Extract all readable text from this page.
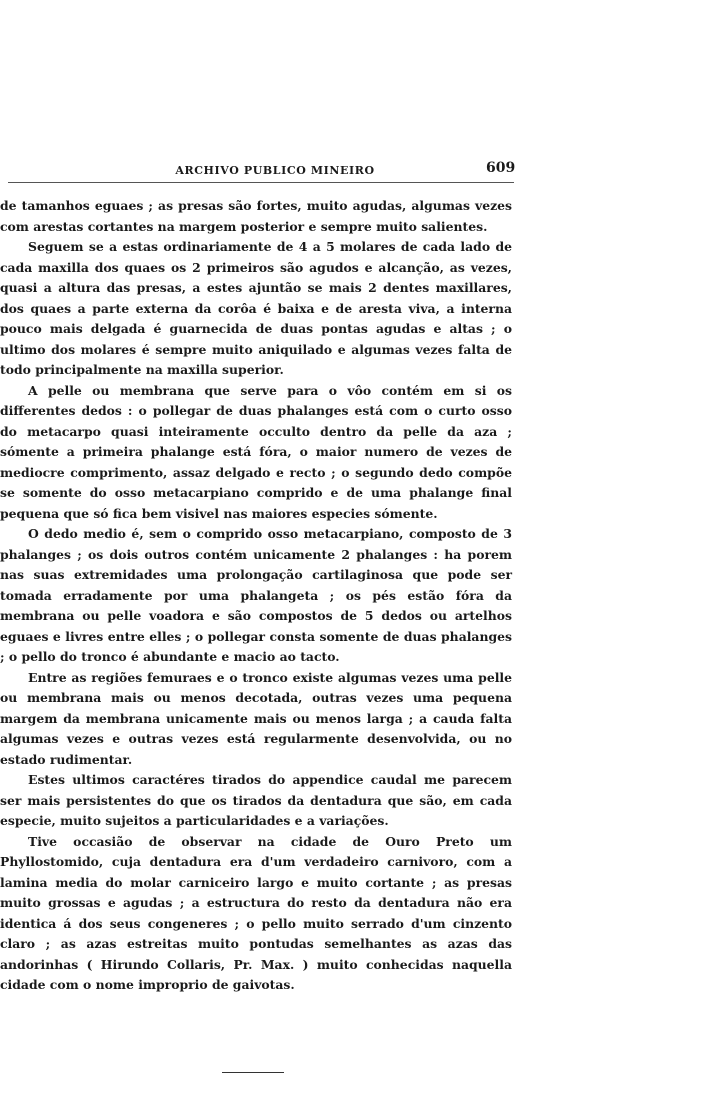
ARCHIVO PUBLICO MINEIRO	609

de tamanhos eguaes ; as presas são fortes, muito agudas, algumas vezes com arestas cortantes na margem posterior e sempre muito salientes.

Seguem se a estas ordinariamente de 4 a 5 molares de cada lado de cada maxilla dos quaes os 2 primeiros são agudos e alcanção, as vezes, quasi a altura das presas, a estes ajuntão se mais 2 dentes maxillares, dos quaes a parte externa da corôa é baixa e de aresta viva, a interna pouco mais delgada é guarnecida de duas pontas agudas e altas ; o ultimo dos molares é sempre muito aniquilado e algumas vezes falta de todo principalmente na maxilla superior.

A pelle ou membrana que serve para o vôo contém em si os differentes dedos : o pollegar de duas phalanges está com o curto osso do metacarpo quasi inteiramente occulto dentro da pelle da aza ; sómente a primeira phalange está fóra, o maior numero de vezes de mediocre comprimento, assaz delgado e recto ; o segundo dedo compõe se somente do osso metacarpiano comprido e de uma phalange final pequena que só fica bem visivel nas maiores especies sómente.

O dedo medio é, sem o comprido osso metacarpiano, composto de 3 phalanges ; os dois outros contém unicamente 2 phalanges : ha porem nas suas extremidades uma prolongação cartilaginosa que pode ser tomada erradamente por uma phalangeta ; os pés estão fóra da membrana ou pelle voadora e são compostos de 5 dedos ou artelhos eguaes e livres entre elles ; o pollegar consta somente de duas phalanges ; o pello do tronco é abundante e macio ao tacto.

Entre as regiões femuraes e o tronco existe algumas vezes uma pelle ou membrana mais ou menos decotada, outras vezes uma pequena margem da membrana unicamente mais ou menos larga ; a cauda falta algumas vezes e outras vezes está regularmente desenvolvida, ou no estado rudimentar.

Estes ultimos caractéres tirados do appendice caudal me parecem ser mais persistentes do que os tirados da dentadura que são, em cada especie, muito sujeitos a particularidades e a variações.

Tive occasião de observar na cidade de Ouro Preto um Phyllostomido, cuja dentadura era d'um verdadeiro carnivoro, com a lamina media do molar carniceiro largo e muito cortante ; as presas muito grossas e agudas ; a estructura do resto da dentadura não era identica á dos seus congeneres ; o pello muito serrado d'um cinzento claro ; as azas estreitas muito pontudas semelhantes as azas das andorinhas ( Hirundo Collaris, Pr. Max. ) muito conhecidas naquella cidade com o nome improprio de gaivotas.
